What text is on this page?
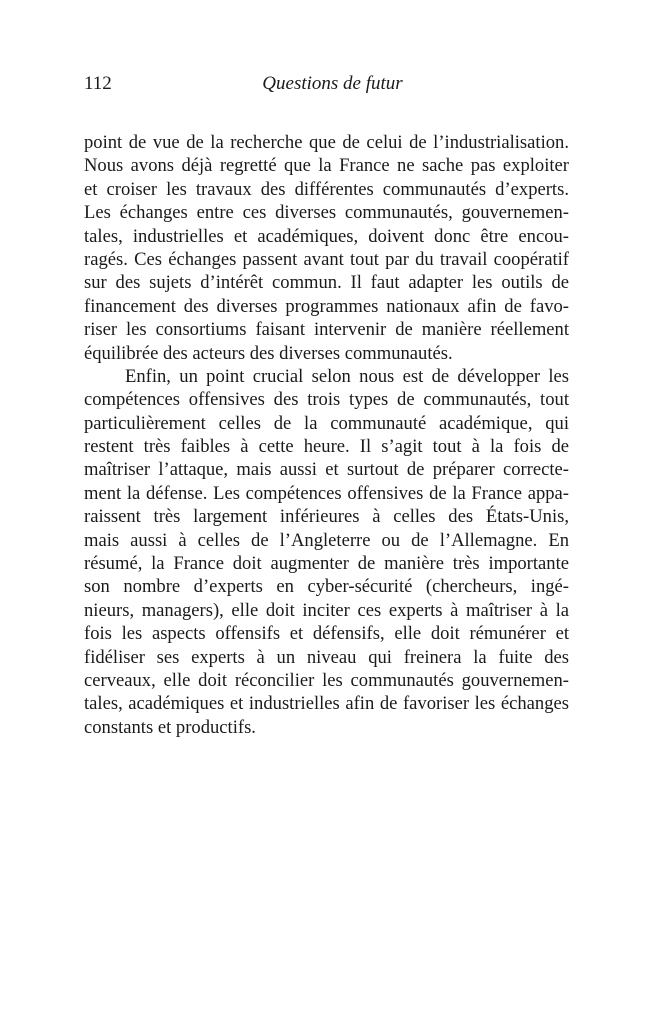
112	Questions de futur
point de vue de la recherche que de celui de l’industrialisation.
Nous avons déjà regretté que la France ne sache pas exploiter
et croiser les travaux des différentes communautés d’experts.
Les échanges entre ces diverses communautés, gouvernemen-
tales, industrielles et académiques, doivent donc être encou-
ragés. Ces échanges passent avant tout par du travail coopératif
sur des sujets d’intérêt commun. Il faut adapter les outils de
financement des diverses programmes nationaux afin de favo-
riser les consortiums faisant intervenir de manière réellement
équilibrée des acteurs des diverses communautés.
Enfin, un point crucial selon nous est de développer les
compétences offensives des trois types de communautés, tout
particulièrement celles de la communauté académique, qui
restent très faibles à cette heure. Il s’agit tout à la fois de
maîtriser l’attaque, mais aussi et surtout de préparer correcte-
ment la défense. Les compétences offensives de la France appa-
raissent très largement inférieures à celles des États-Unis,
mais aussi à celles de l’Angleterre ou de l’Allemagne. En
résumé, la France doit augmenter de manière très importante
son nombre d’experts en cyber-sécurité (chercheurs, ingé-
nieurs, managers), elle doit inciter ces experts à maîtriser à la
fois les aspects offensifs et défensifs, elle doit rémunérer et
fidéliser ses experts à un niveau qui freinera la fuite des
cerveaux, elle doit réconcilier les communautés gouvernemen-
tales, académiques et industrielles afin de favoriser les échanges
constants et productifs.
